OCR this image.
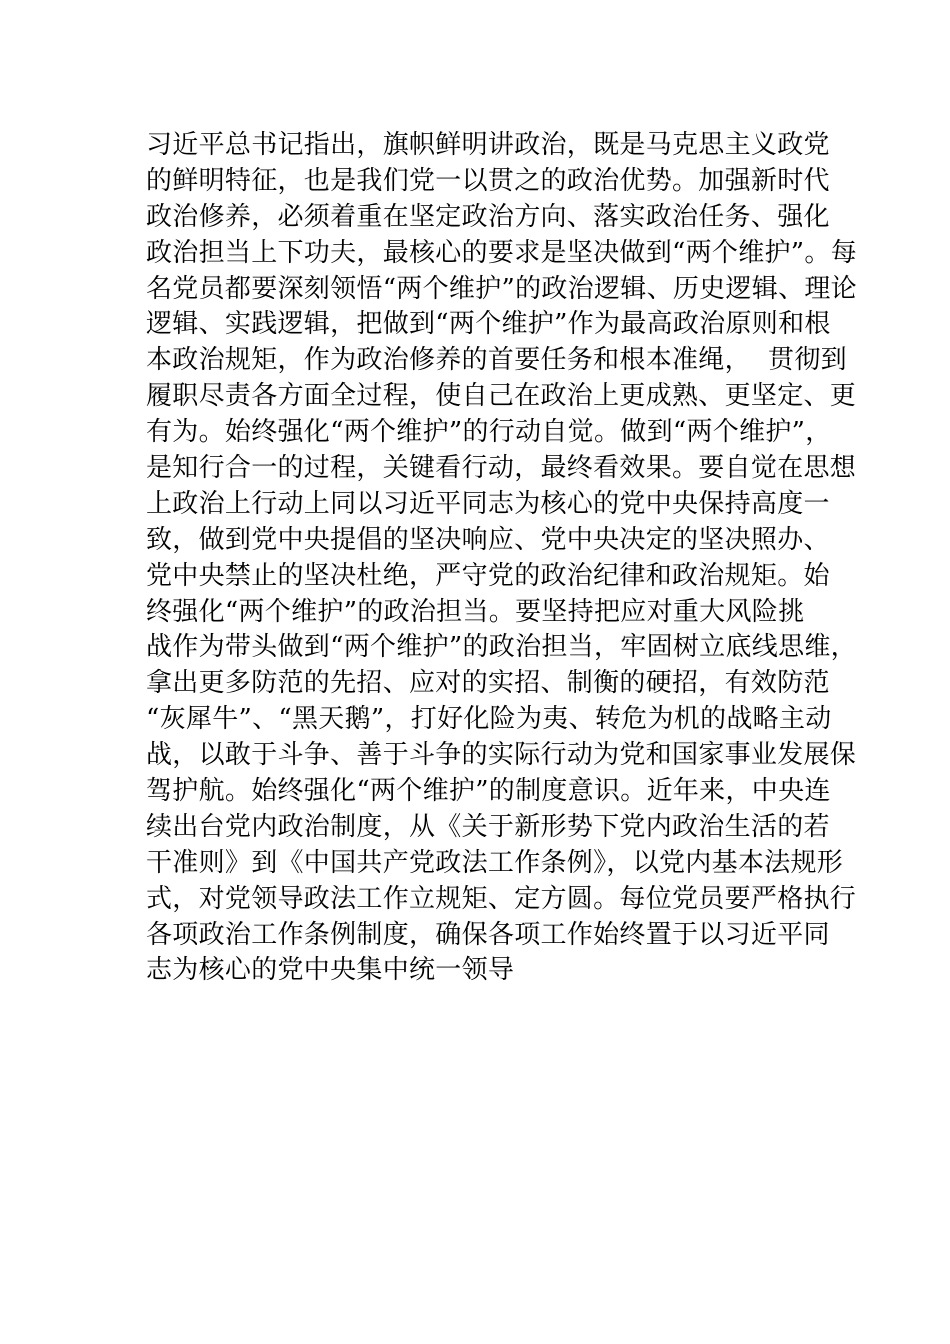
习近平总书记指出，旗帜鲜明讲政治，既是马克思主义政党
的鲜明特征，也是我们党一以贯之的政治优势。加强新时代
政治修养，必须着重在坚定政治方向、落实政治任务、强化
政治担当上下功夫，最核心的要求是坚决做到“两个维护”。每
名党员都要深刻领悟“两个维护”的政治逻辑、历史逻辑、理论
逻辑、实践逻辑，把做到“两个维护”作为最高政治原则和根
本政治规矩，作为政治修养的首要任务和根本准绳，  贯彻到
履职尽责各方面全过程，使自己在政治上更成熟、更坚定、更
有为。始终强化“两个维护”的行动自觉。做到“两个维护”，
是知行合一的过程，关键看行动，最终看效果。要自觉在思想
上政治上行动上同以习近平同志为核心的党中央保持高度一
致，做到党中央提倡的坚决响应、党中央决定的坚决照办、
党中央禁止的坚决杜绝，严守党的政治纪律和政治规矩。始
终强化“两个维护”的政治担当。要坚持把应对重大风险挑
战作为带头做到“两个维护”的政治担当，牢固树立底线思维，
拿出更多防范的先招、应对的实招、制衡的硬招，有效防范
“灰犀牛”、“黑天鹅”，打好化险为夷、转危为机的战略主动
战，以敢于斗争、善于斗争的实际行动为党和国家事业发展保
驾护航。始终强化“两个维护”的制度意识。近年来，中央连
续出台党内政治制度，从《关于新形势下党内政治生活的若
干准则》到《中国共产党政法工作条例》，以党内基本法规形
式，对党领导政法工作立规矩、定方圆。每位党员要严格执行
各项政治工作条例制度，确保各项工作始终置于以习近平同
志为核心的党中央集中统一领导
